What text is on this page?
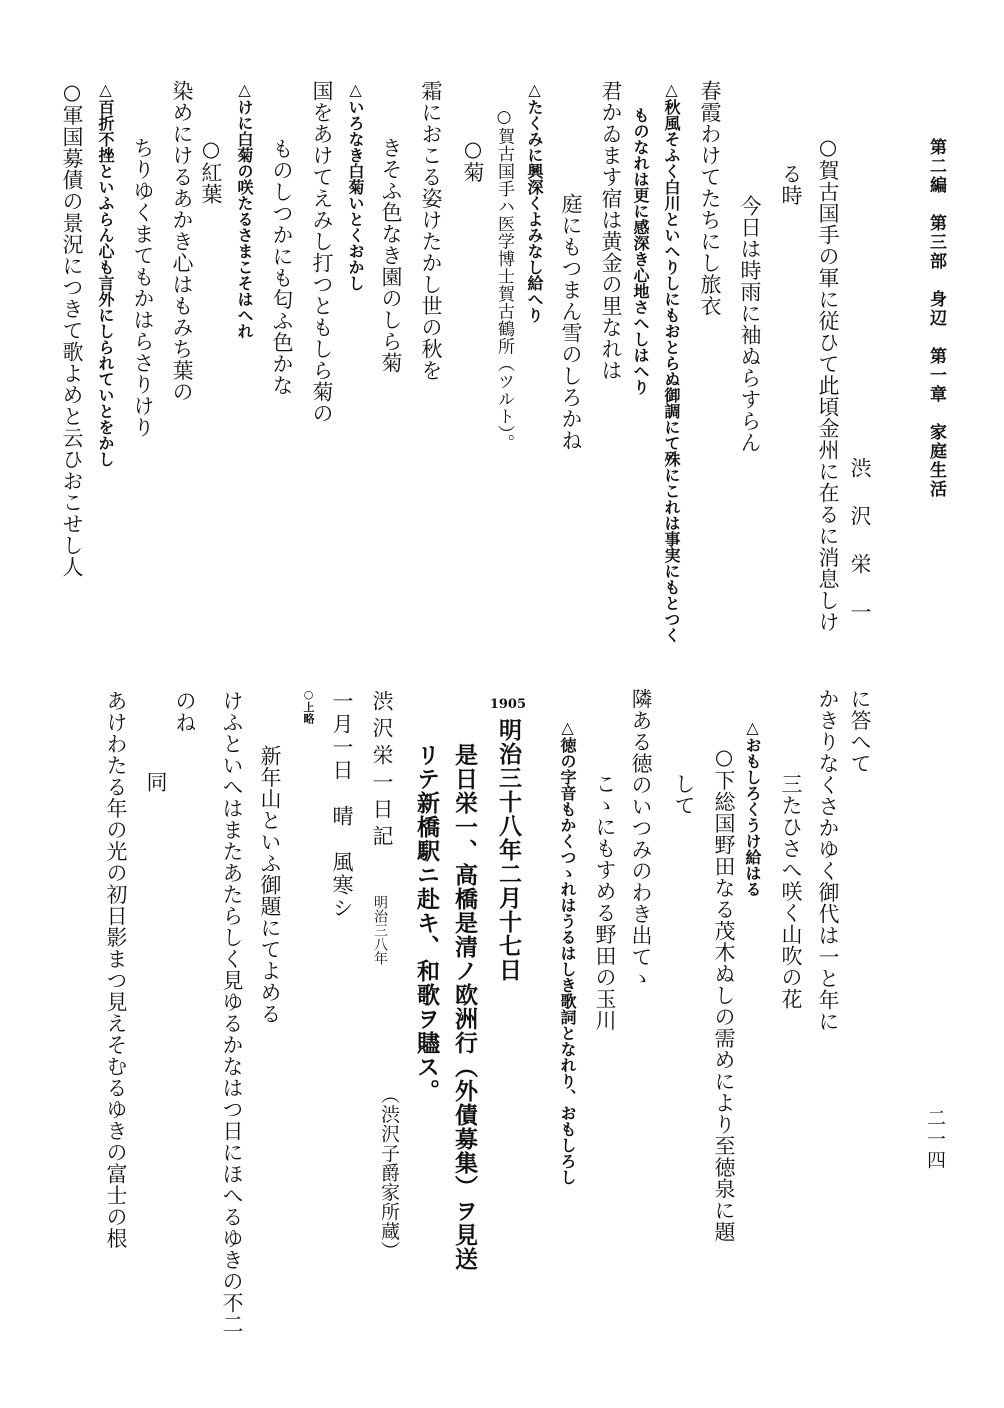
第二編　第三部　身辺　第一章　家庭生活
二一四
渋　沢　栄　一
○賀古国手の軍に従ひて此頃金州に在るに消息しけ
る時
今日は時雨に袖ぬらすらん
春霞わけてたちにし旅衣
△秋風そふく白川といへりしにもおとらぬ御調にて殊にこれは事実にもとつく
ものなれは更に感深き心地さへしはへり
君かゐます宿は黄金の里なれは
庭にもつまん雪のしろかね
△たくみに興深くよみなし給へり
○賀古国手ハ医学博士賀古鶴所（ツルト）。
○菊
霜におこる姿けたかし世の秋を
きそふ色なき園のしら菊
△いろなき白菊いとくおかし
国をあけてえみし打つともしら菊の
ものしつかにも匂ふ色かな
△けに白菊の咲たるさまこそはへれ
○紅葉
染めにけるあかき心はもみち葉の
ちりゆくまてもかはらさりけり
△百折不挫といふらん心も言外にしられていとをかし
○軍国募債の景況につきて歌よめと云ひおこせし人
に答へて
かきりなくさかゆく御代は一と年に
三たひさへ咲く山吹の花
△おもしろくうけ給はる
○下総国野田なる茂木ぬしの需めにより至徳泉に題
して
隣ある徳のいつみのわき出てゝ
こゝにもすめる野田の玉川
△徳の字音もかくつゝれはうるはしき歌詞となれり、おもしろし
1905
明治三十八年二月十七日
是日栄一、高橋是清ノ欧洲行（外債募集）ヲ見送
リテ新橋駅ニ赴キ、和歌ヲ贐ス。
（渋沢子爵家所蔵）
渋沢栄一日記
明治三八年
一月一日　晴　風寒シ
○上略
新年山といふ御題にてよめる
けふといへはまたあたらしく見ゆるかなはつ日にほへるゆきの不二
のね
同
あけわたる年の光の初日影まつ見えそむるゆきの富士の根
